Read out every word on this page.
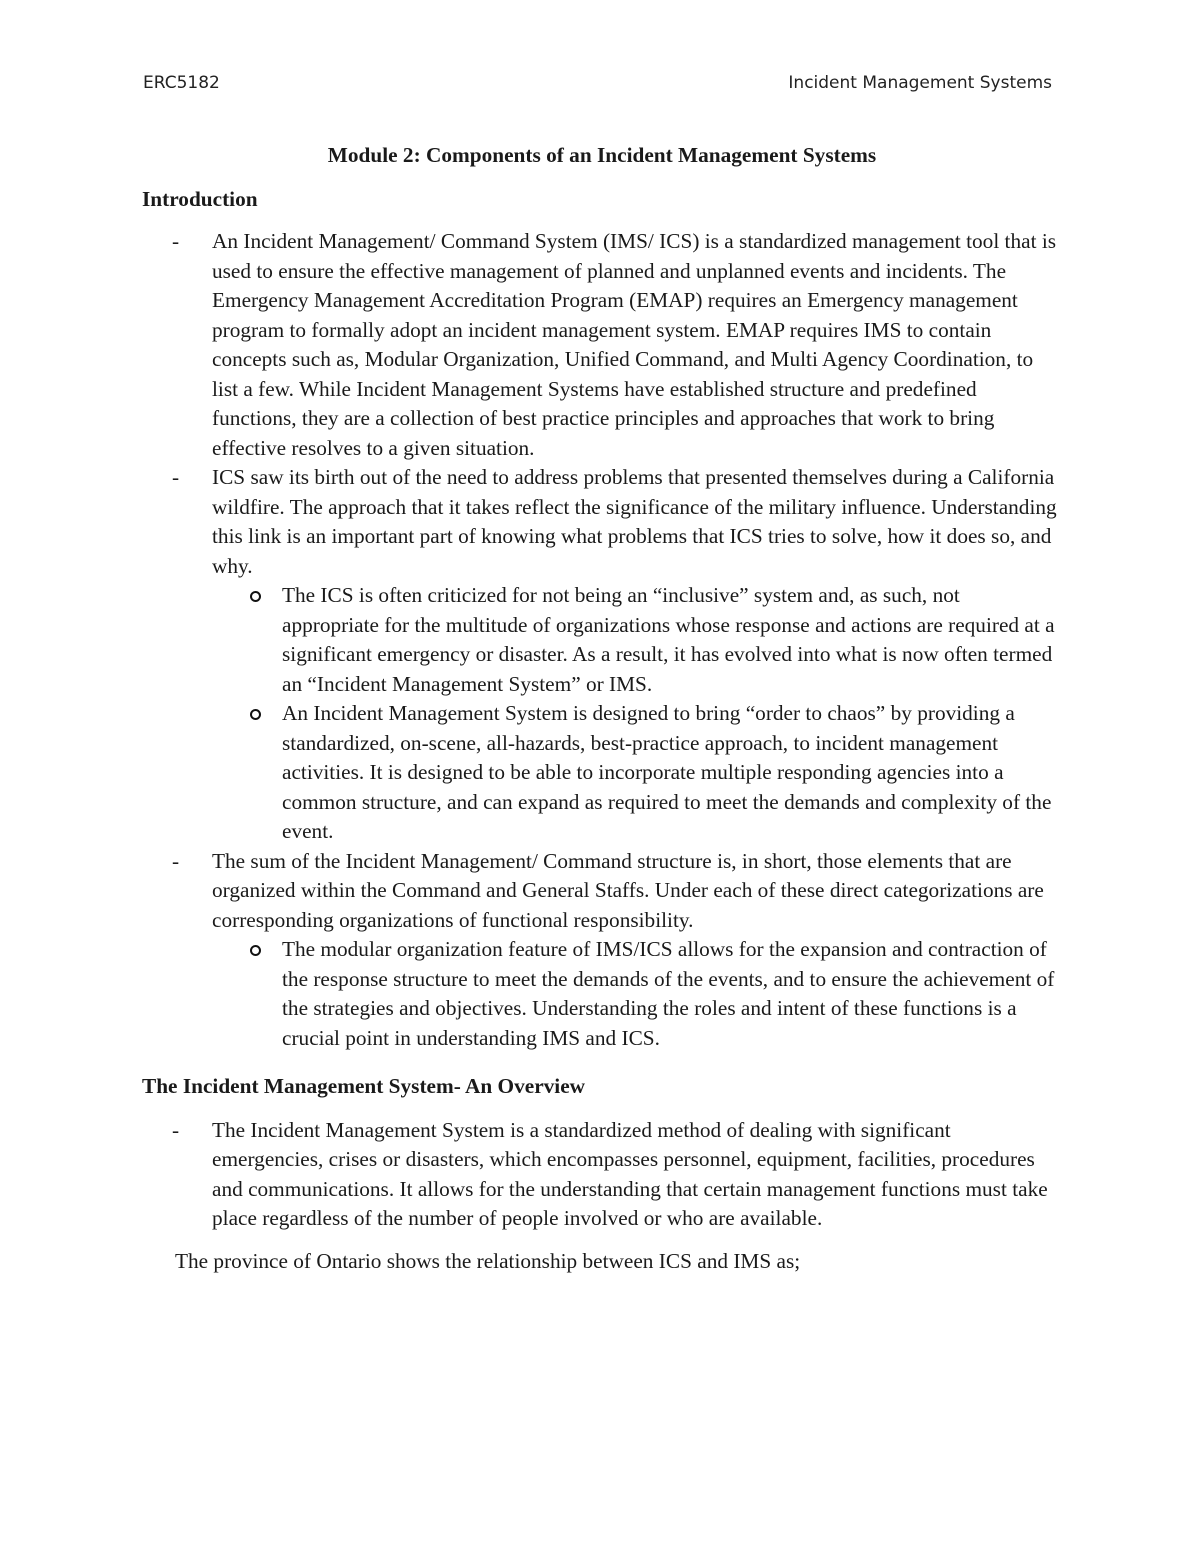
ERC5182	Incident Management Systems
Module 2: Components of an Incident Management Systems
Introduction
- An Incident Management/ Command System (IMS/ ICS) is a standardized management tool that is used to ensure the effective management of planned and unplanned events and incidents. The Emergency Management Accreditation Program (EMAP) requires an Emergency management program to formally adopt an incident management system. EMAP requires IMS to contain concepts such as, Modular Organization, Unified Command, and Multi Agency Coordination, to list a few. While Incident Management Systems have established structure and predefined functions, they are a collection of best practice principles and approaches that work to bring effective resolves to a given situation.
- ICS saw its birth out of the need to address problems that presented themselves during a California wildfire. The approach that it takes reflect the significance of the military influence. Understanding this link is an important part of knowing what problems that ICS tries to solve, how it does so, and why.
The ICS is often criticized for not being an “inclusive” system and, as such, not appropriate for the multitude of organizations whose response and actions are required at a significant emergency or disaster. As a result, it has evolved into what is now often termed an “Incident Management System” or IMS.
An Incident Management System is designed to bring “order to chaos” by providing a standardized, on-scene, all-hazards, best-practice approach, to incident management activities. It is designed to be able to incorporate multiple responding agencies into a common structure, and can expand as required to meet the demands and complexity of the event.
- The sum of the Incident Management/ Command structure is, in short, those elements that are organized within the Command and General Staffs. Under each of these direct categorizations are corresponding organizations of functional responsibility.
The modular organization feature of IMS/ICS allows for the expansion and contraction of the response structure to meet the demands of the events, and to ensure the achievement of the strategies and objectives. Understanding the roles and intent of these functions is a crucial point in understanding IMS and ICS.
The Incident Management System- An Overview
- The Incident Management System is a standardized method of dealing with significant emergencies, crises or disasters, which encompasses personnel, equipment, facilities, procedures and communications. It allows for the understanding that certain management functions must take place regardless of the number of people involved or who are available.
The province of Ontario shows the relationship between ICS and IMS as;
